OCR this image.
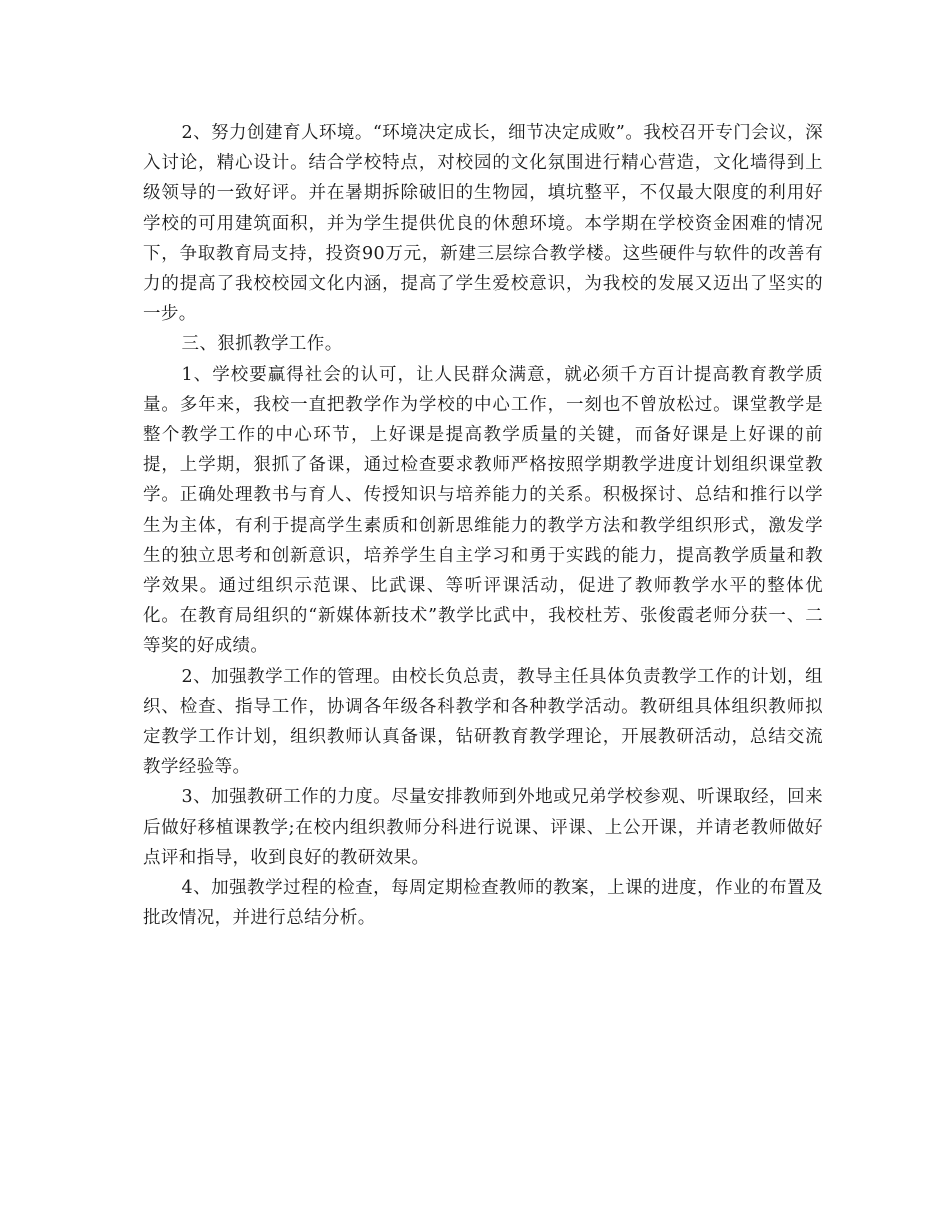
2、努力创建育人环境。“环境决定成长，细节决定成败”。我校召开专门会议，深入讨论，精心设计。结合学校特点，对校园的文化氛围进行精心营造，文化墙得到上级领导的一致好评。并在暑期拆除破旧的生物园，填坑整平，不仅最大限度的利用好学校的可用建筑面积，并为学生提供优良的休憩环境。本学期在学校资金困难的情况下，争取教育局支持，投资90万元，新建三层综合教学楼。这些硬件与软件的改善有力的提高了我校校园文化内涵，提高了学生爱校意识，为我校的发展又迈出了坚实的一步。

三、狠抓教学工作。

1、学校要赢得社会的认可，让人民群众满意，就必须千方百计提高教育教学质量。多年来，我校一直把教学作为学校的中心工作，一刻也不曾放松过。课堂教学是整个教学工作的中心环节，上好课是提高教学质量的关键，而备好课是上好课的前提，上学期，狠抓了备课，通过检查要求教师严格按照学期教学进度计划组织课堂教学。正确处理教书与育人、传授知识与培养能力的关系。积极探讨、总结和推行以学生为主体，有利于提高学生素质和创新思维能力的教学方法和教学组织形式，激发学生的独立思考和创新意识，培养学生自主学习和勇于实践的能力，提高教学质量和教学效果。通过组织示范课、比武课、等听评课活动，促进了教师教学水平的整体优化。在教育局组织的“新媒体新技术”教学比武中，我校杜芳、张俊霞老师分获一、二等奖的好成绩。

2、加强教学工作的管理。由校长负总责，教导主任具体负责教学工作的计划，组织、检查、指导工作，协调各年级各科教学和各种教学活动。教研组具体组织教师拟定教学工作计划，组织教师认真备课，钻研教育教学理论，开展教研活动，总结交流教学经验等。

3、加强教研工作的力度。尽量安排教师到外地或兄弟学校参观、听课取经，回来后做好移植课教学;在校内组织教师分科进行说课、评课、上公开课，并请老教师做好点评和指导，收到良好的教研效果。

4、加强教学过程的检查，每周定期检查教师的教案，上课的进度，作业的布置及批改情况，并进行总结分析。
